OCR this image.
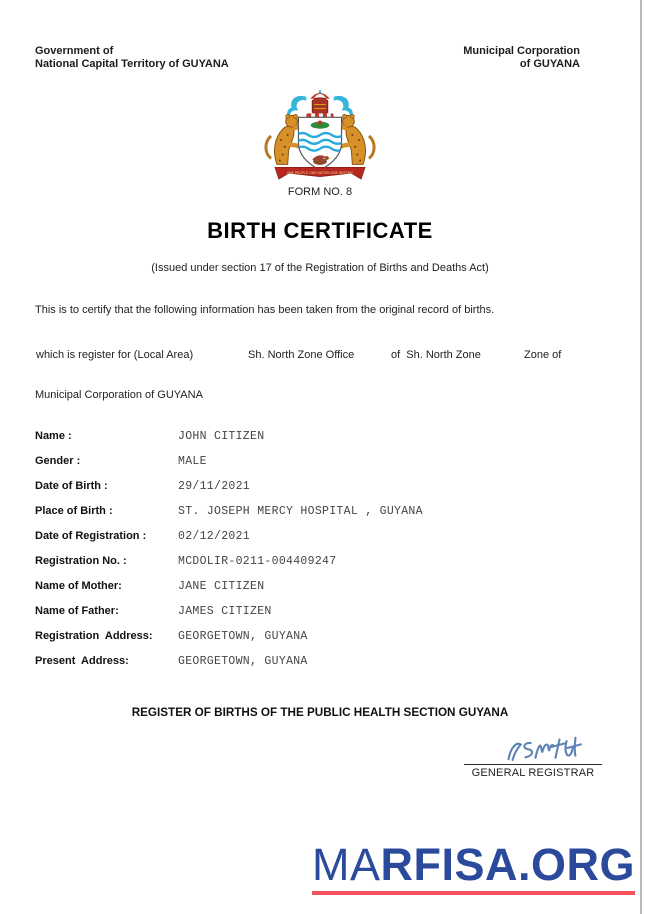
Government of
National Capital Territory of GUYANA
Municipal Corporation
of GUYANA
ONE PEOPLE ONE NATION ONE DESTINY
FORM NO. 8
BIRTH CERTIFICATE
(Issued under section 17 of the Registration of Births and Deaths Act)
This is to certify that the following information has been taken from the original record of births.
which is register for (Local Area)	Sh. North Zone Office	of  Sh. North Zone	Zone of
Municipal Corporation of GUYANA
Name :	JOHN CITIZEN
Gender :	MALE
Date of Birth :	29/11/2021
Place of Birth :	ST. JOSEPH MERCY HOSPITAL , GUYANA
Date of Registration :	02/12/2021
Registration No. :	MCDOLIR-0211-004409247
Name of Mother:	JANE CITIZEN
Name of Father:	JAMES CITIZEN
Registration  Address:	GEORGETOWN, GUYANA
Present  Address:	GEORGETOWN, GUYANA
REGISTER OF BIRTHS OF THE PUBLIC HEALTH SECTION GUYANA
GENERAL REGISTRAR
MARFISA.ORG
